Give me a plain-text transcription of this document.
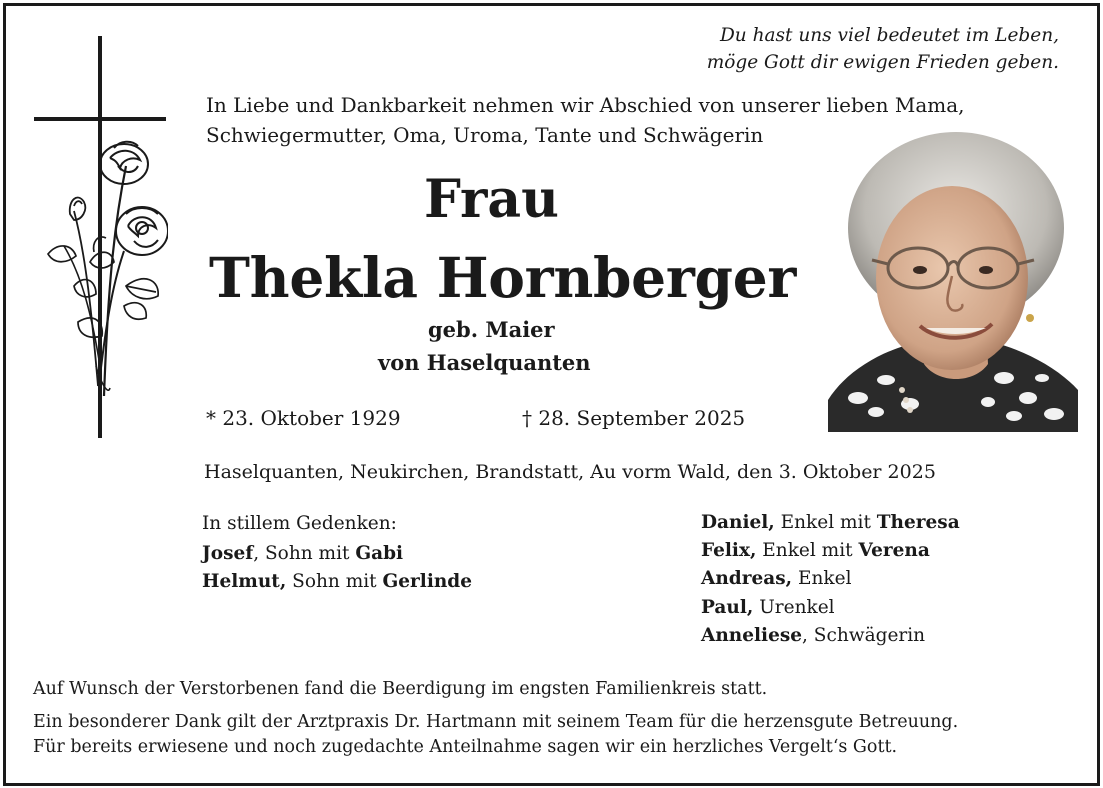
Du hast uns viel bedeutet im Leben,
möge Gott dir ewigen Frieden geben.
In Liebe und Dankbarkeit nehmen wir Abschied von unserer lieben Mama,
Schwiegermutter, Oma, Uroma, Tante und Schwägerin
Frau
Thekla Hornberger
geb. Maier
von Haselquanten
* 23. Oktober 1929	† 28. September 2025
Haselquanten, Neukirchen, Brandstatt, Au vorm Wald, den 3. Oktober 2025
In stillem Gedenken:
Josef, Sohn mit Gabi
Helmut, Sohn mit Gerlinde
Daniel, Enkel mit Theresa
Felix, Enkel mit Verena
Andreas, Enkel
Paul, Urenkel
Anneliese, Schwägerin
Auf Wunsch der Verstorbenen fand die Beerdigung im engsten Familienkreis statt.
Ein besonderer Dank gilt der Arztpraxis Dr. Hartmann mit seinem Team für die herzensgute Betreuung.
Für bereits erwiesene und noch zugedachte Anteilnahme sagen wir ein herzliches Vergelt‘s Gott.
